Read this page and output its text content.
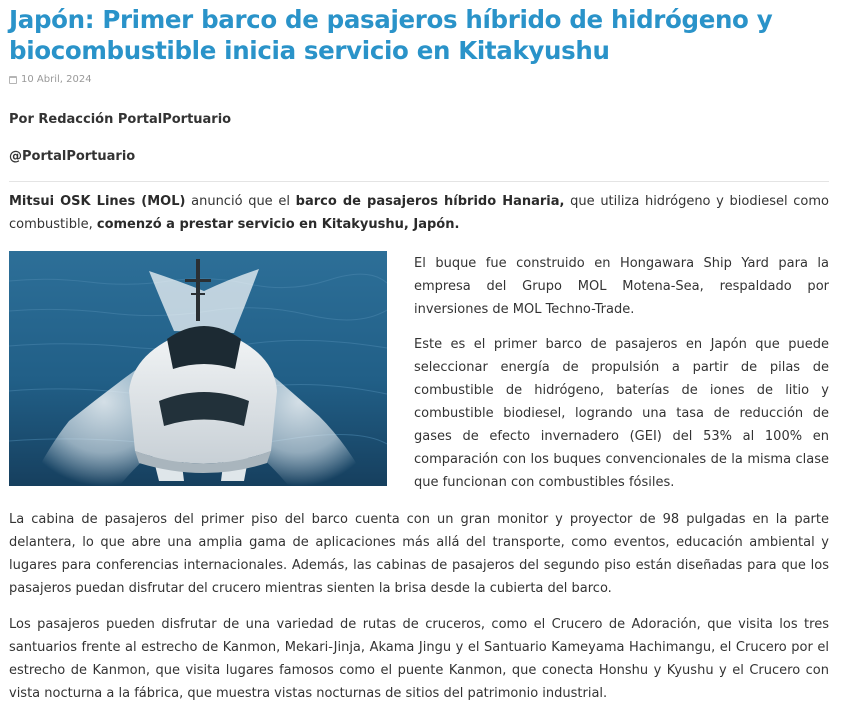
Japón: Primer barco de pasajeros híbrido de hidrógeno y biocombustible inicia servicio en Kitakyushu
10 Abril, 2024

Por Redacción PortalPortuario

@PortalPortuario

Mitsui OSK Lines (MOL) anunció que el barco de pasajeros híbrido Hanaria, que utiliza hidrógeno y biodiesel como combustible, comenzó a prestar servicio en Kitakyushu, Japón.

El buque fue construido en Hongawara Ship Yard para la empresa del Grupo MOL Motena-Sea, respaldado por inversiones de MOL Techno-Trade.

Este es el primer barco de pasajeros en Japón que puede seleccionar energía de propulsión a partir de pilas de combustible de hidrógeno, baterías de iones de litio y combustible biodiesel, logrando una tasa de reducción de gases de efecto invernadero (GEI) del 53% al 100% en comparación con los buques convencionales de la misma clase que funcionan con combustibles fósiles.

La cabina de pasajeros del primer piso del barco cuenta con un gran monitor y proyector de 98 pulgadas en la parte delantera, lo que abre una amplia gama de aplicaciones más allá del transporte, como eventos, educación ambiental y lugares para conferencias internacionales. Además, las cabinas de pasajeros del segundo piso están diseñadas para que los pasajeros puedan disfrutar del crucero mientras sienten la brisa desde la cubierta del barco.

Los pasajeros pueden disfrutar de una variedad de rutas de cruceros, como el Crucero de Adoración, que visita los tres santuarios frente al estrecho de Kanmon, Mekari-Jinja, Akama Jingu y el Santuario Kameyama Hachimangu, el Crucero por el estrecho de Kanmon, que visita lugares famosos como el puente Kanmon, que conecta Honshu y Kyushu y el Crucero con vista nocturna a la fábrica, que muestra vistas nocturnas de sitios del patrimonio industrial.
